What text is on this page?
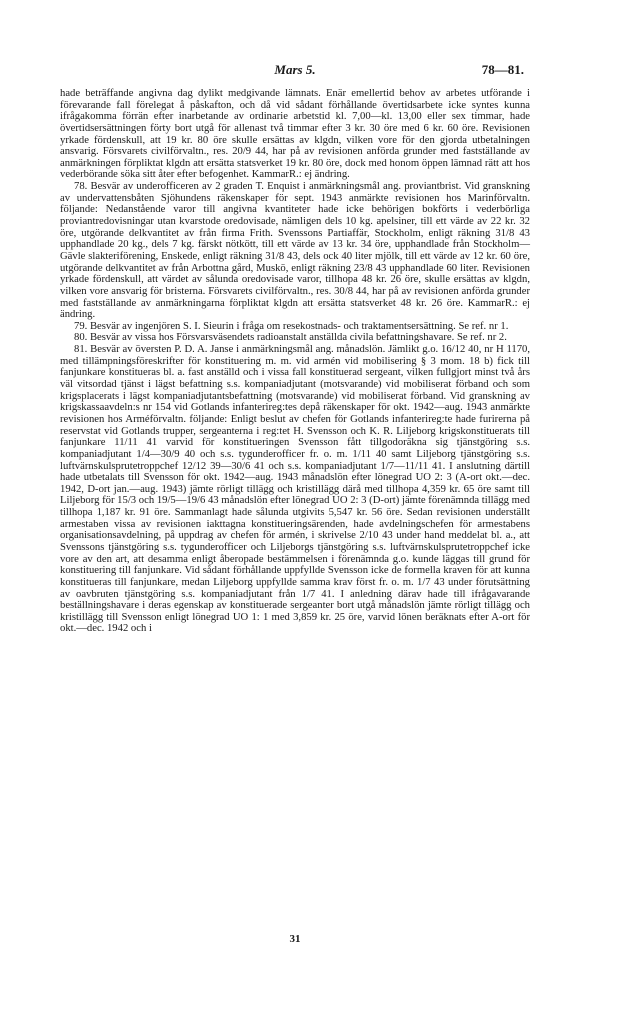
Mars 5.	78—81.

hade beträffande angivna dag dylikt medgivande lämnats. Enär emellertid behov av arbetes utförande i förevarande fall förelegat å påskafton, och då vid sådant förhållande övertidsarbete icke syntes kunna ifrågakomma förrän efter inarbetande av ordinarie arbetstid kl. 7,00—kl. 13,00 eller sex timmar, hade övertidsersättningen förty bort utgå för allenast två timmar efter 3 kr. 30 öre med 6 kr. 60 öre. Revisionen yrkade fördenskull, att 19 kr. 80 öre skulle ersättas av klgdn, vilken vore för den gjorda utbetalningen ansvarig. Försvarets civilförvaltn., res. 20/9 44, har på av revisionen anförda grunder med fastställande av anmärkningen förpliktat klgdn att ersätta statsverket 19 kr. 80 öre, dock med honom öppen lämnad rätt att hos vederbörande söka sitt åter efter befogenhet. KammarR.: ej ändring.

78. Besvär av underofficeren av 2 graden T. Enquist i anmärkningsmål ang. proviantbrist. Vid granskning av undervattensbåten Sjöhundens räkenskaper för sept. 1943 anmärkte revisionen hos Marinförvaltn. följande: Nedanstående varor till angivna kvantiteter hade icke behörigen bokförts i vederbörliga proviantredovisningar utan kvarstode oredovisade, nämligen dels 10 kg. apelsiner, till ett värde av 22 kr. 32 öre, utgörande delkvantitet av från firma Frith. Svenssons Partiaffär, Stockholm, enligt räkning 31/8 43 upphandlade 20 kg., dels 7 kg. färskt nötkött, till ett värde av 13 kr. 34 öre, upphandlade från Stockholm—Gävle slakteriförening, Enskede, enligt räkning 31/8 43, dels ock 40 liter mjölk, till ett värde av 12 kr. 60 öre, utgörande delkvantitet av från Arbottna gård, Muskö, enligt räkning 23/8 43 upphandlade 60 liter. Revisionen yrkade fördenskull, att värdet av sålunda oredovisade varor, tillhopa 48 kr. 26 öre, skulle ersättas av klgdn, vilken vore ansvarig för bristerna. Försvarets civilförvaltn., res. 30/8 44, har på av revisionen anförda grunder med fastställande av anmärkningarna förpliktat klgdn att ersätta statsverket 48 kr. 26 öre. KammarR.: ej ändring.

79. Besvär av ingenjören S. I. Sieurin i fråga om resekostnads- och traktamentsersättning. Se ref. nr 1.

80. Besvär av vissa hos Försvarsväsendets radioanstalt anställda civila befattningshavare. Se ref. nr 2.

81. Besvär av översten P. D. A. Janse i anmärkningsmål ang. månadslön. Jämlikt g.o. 16/12 40, nr H 1170, med tillämpningsföreskrifter för konstituering m. m. vid armén vid mobilisering § 3 mom. 18 b) fick till fanjunkare konstitueras bl. a. fast anställd och i vissa fall konstituerad sergeant, vilken fullgjort minst två års väl vitsordad tjänst i lägst befattning s.s. kompaniadjutant (motsvarande) vid mobiliserat förband och som krigsplacerats i lägst kompaniadjutantsbefattning (motsvarande) vid mobiliserat förband. Vid granskning av krigskassaavdeln:s nr 154 vid Gotlands infanterireg:tes depå räkenskaper för okt. 1942—aug. 1943 anmärkte revisionen hos Arméförvaltn. följande: Enligt beslut av chefen för Gotlands infanterireg:te hade furirerna på reservstat vid Gotlands trupper, sergeanterna i reg:tet H. Svensson och K. R. Liljeborg krigskonstituerats till fanjunkare 11/11 41 varvid för konstitueringen Svensson fått tillgodoräkna sig tjänstgöring s.s. kompaniadjutant 1/4—30/9 40 och s.s. tygunderofficer fr. o. m. 1/11 40 samt Liljeborg tjänstgöring s.s. luftvärnskulsprutetroppchef 12/12 39—30/6 41 och s.s. kompaniadjutant 1/7—11/11 41. I anslutning därtill hade utbetalats till Svensson för okt. 1942—aug. 1943 månadslön efter lönegrad UO 2: 3 (A-ort okt.—dec. 1942, D-ort jan.—aug. 1943) jämte rörligt tillägg och kristillägg därå med tillhopa 4,359 kr. 65 öre samt till Liljeborg för 15/3 och 19/5—19/6 43 månadslön efter lönegrad UO 2: 3 (D-ort) jämte förenämnda tillägg med tillhopa 1,187 kr. 91 öre. Sammanlagt hade sålunda utgivits 5,547 kr. 56 öre. Sedan revisionen underställt armestaben vissa av revisionen iakttagna konstitueringsärenden, hade avdelningschefen för armestabens organisationsavdelning, på uppdrag av chefen för armén, i skrivelse 2/10 43 under hand meddelat bl. a., att Svenssons tjänstgöring s.s. tygunderofficer och Liljeborgs tjänstgöring s.s. luftvärnskulsprutetroppchef icke vore av den art, att desamma enligt åberopade bestämmelsen i förenämnda g.o. kunde läggas till grund för konstituering till fanjunkare. Vid sådant förhållande uppfyllde Svensson icke de formella kraven för att kunna konstitueras till fanjunkare, medan Liljeborg uppfyllde samma krav först fr. o. m. 1/7 43 under förutsättning av oavbruten tjänstgöring s.s. kompaniadjutant från 1/7 41. I anledning därav hade till ifrågavarande beställningshavare i deras egenskap av konstituerade sergeanter bort utgå månadslön jämte rörligt tillägg och kristillägg till Svensson enligt lönegrad UO 1: 1 med 3,859 kr. 25 öre, varvid lönen beräknats efter A-ort för okt.—dec. 1942 och i

31
